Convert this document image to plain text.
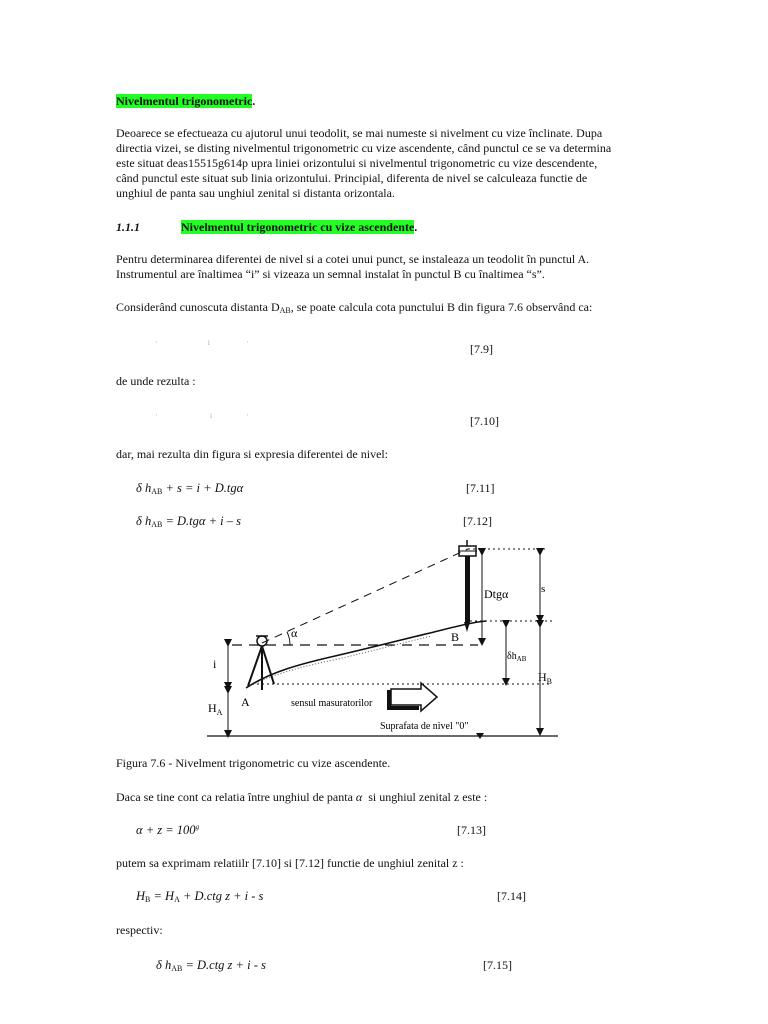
Nivelmentul trigonometric.
Deoarece se efectueaza cu ajutorul unui teodolit, se mai numeste si nivelment cu vize înclinate. Dupa
directia vizei, se disting nivelmentul trigonometric cu vize ascendente, când punctul ce se va determina
este situat deas15515g614p upra liniei orizontului si nivelmentul trigonometric cu vize descendente,
când punctul este situat sub linia orizontului. Principial, diferenta de nivel se calculeaza functie de
unghiul de panta sau unghiul zenital si distanta orizontala.
1.1.1	Nivelmentul trigonometric cu vize ascendente.
Pentru determinarea diferentei de nivel si a cotei unui punct, se instaleaza un teodolit în punctul A.
Instrumentul are înaltimea “i” si vizeaza un semnal instalat în punctul B cu înaltimea “s”.
Considerând cunoscuta distanta $D_{AB}$, se poate calcula cota punctului B din figura 7.6 observând ca:
·                      ı                ·	[7.9]
de unde rezulta :
·                       ı               ·	[7.10]
dar, mai rezulta din figura si expresia diferentei de nivel:
δ $h_{AB} + s = i + D.tg\alpha$	[7.11]
δ $h_{AB} = D.tg\alpha + i - s$	[7.12]
α
i
A
B
$H_A$
$H_B$
Dtgα	s
$\delta h_{AB}$
sensul masuratorilor
Suprafata de nivel "0"
Figura 7.6 - Nivelment trigonometric cu vize ascendente.
Daca se tine cont ca relatia între unghiul de panta α si unghiul zenital z este :
$\alpha + z = 100^g$	[7.13]
putem sa exprimam relatiilr [7.10] si [7.12] functie de unghiul zenital z :
$H_B = H_A + D.ctg$ z + i - s	[7.14]
respectiv:
δ $h_{AB} = D.ctg$ z + i - s	[7.15]
